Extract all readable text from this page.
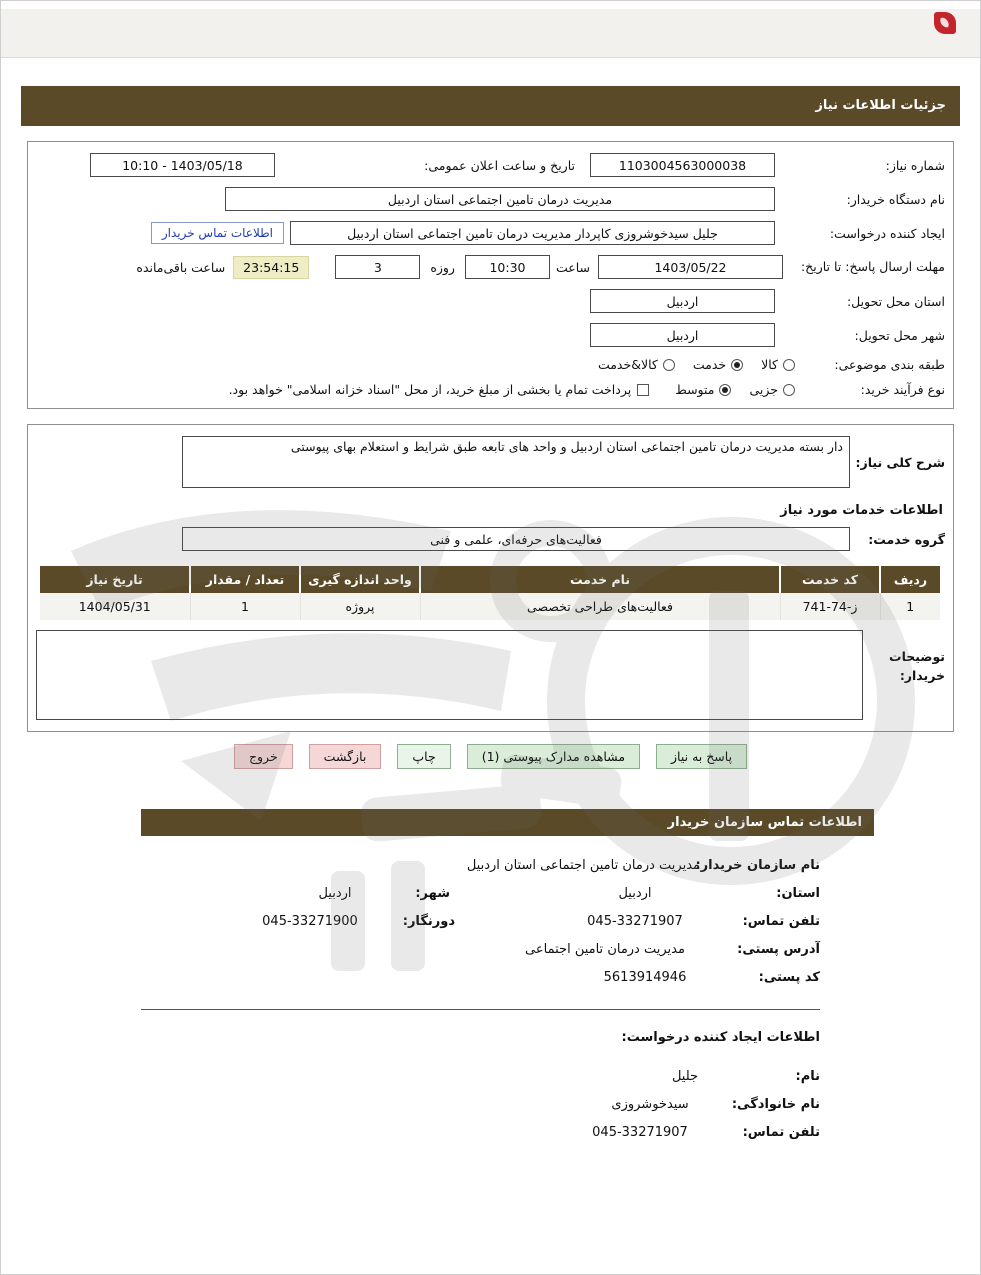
جزئیات اطلاعات نیاز
شماره نیاز:
1103004563000038
تاریخ و ساعت اعلان عمومی:
1403/05/18 - 10:10
نام دستگاه خریدار:
مدیریت درمان تامین اجتماعی استان اردبیل
ایجاد کننده درخواست:
جلیل سیدخوشروزی کاپردار مدیریت درمان تامین اجتماعی استان اردبیل
اطلاعات تماس خریدار
مهلت ارسال پاسخ: تا تاریخ:
1403/05/22
ساعت
10:30
روزه
3
23:54:15
ساعت باقی‌مانده
استان محل تحویل:
اردبیل
شهر محل تحویل:
اردبیل
طبقه بندی موضوعی:
کالا
خدمت
کالا&خدمت
نوع فرآیند خرید:
جزیی
متوسط
پرداخت تمام یا بخشی از مبلغ خرید، از محل "اسناد خزانه اسلامی" خواهد بود.
شرح کلی نیاز:
دار بسته مدیریت درمان تامین اجتماعی استان اردبیل و واحد های تابعه طبق شرایط و استعلام بهای پیوستی
اطلاعات خدمات مورد نیاز
گروه خدمت:
فعالیت‌های حرفه‌ای، علمی و فنی
ردیف	کد خدمت	نام خدمت	واحد اندازه گیری	تعداد / مقدار	تاریخ نیاز
1	ز-74-741	فعالیت‌های طراحی تخصصی	پروژه	1	1404/05/31
توضیحات خریدار:
پاسخ به نیاز
مشاهده مدارک پیوستی (1)
چاپ
بازگشت
خروج
اطلاعات تماس سازمان خریدار
نام سازمان خریدار:
مدیریت درمان تامین اجتماعی استان اردبیل
استان:
اردبیل
شهر:
اردبیل
تلفن تماس:
045-33271907
دورنگار:
045-33271900
آدرس پستی:
مدیریت درمان تامین اجتماعی
کد پستی:
5613914946
اطلاعات ایجاد کننده درخواست:
نام:
جلیل
نام خانوادگی:
سیدخوشروزی
تلفن تماس:
045-33271907
